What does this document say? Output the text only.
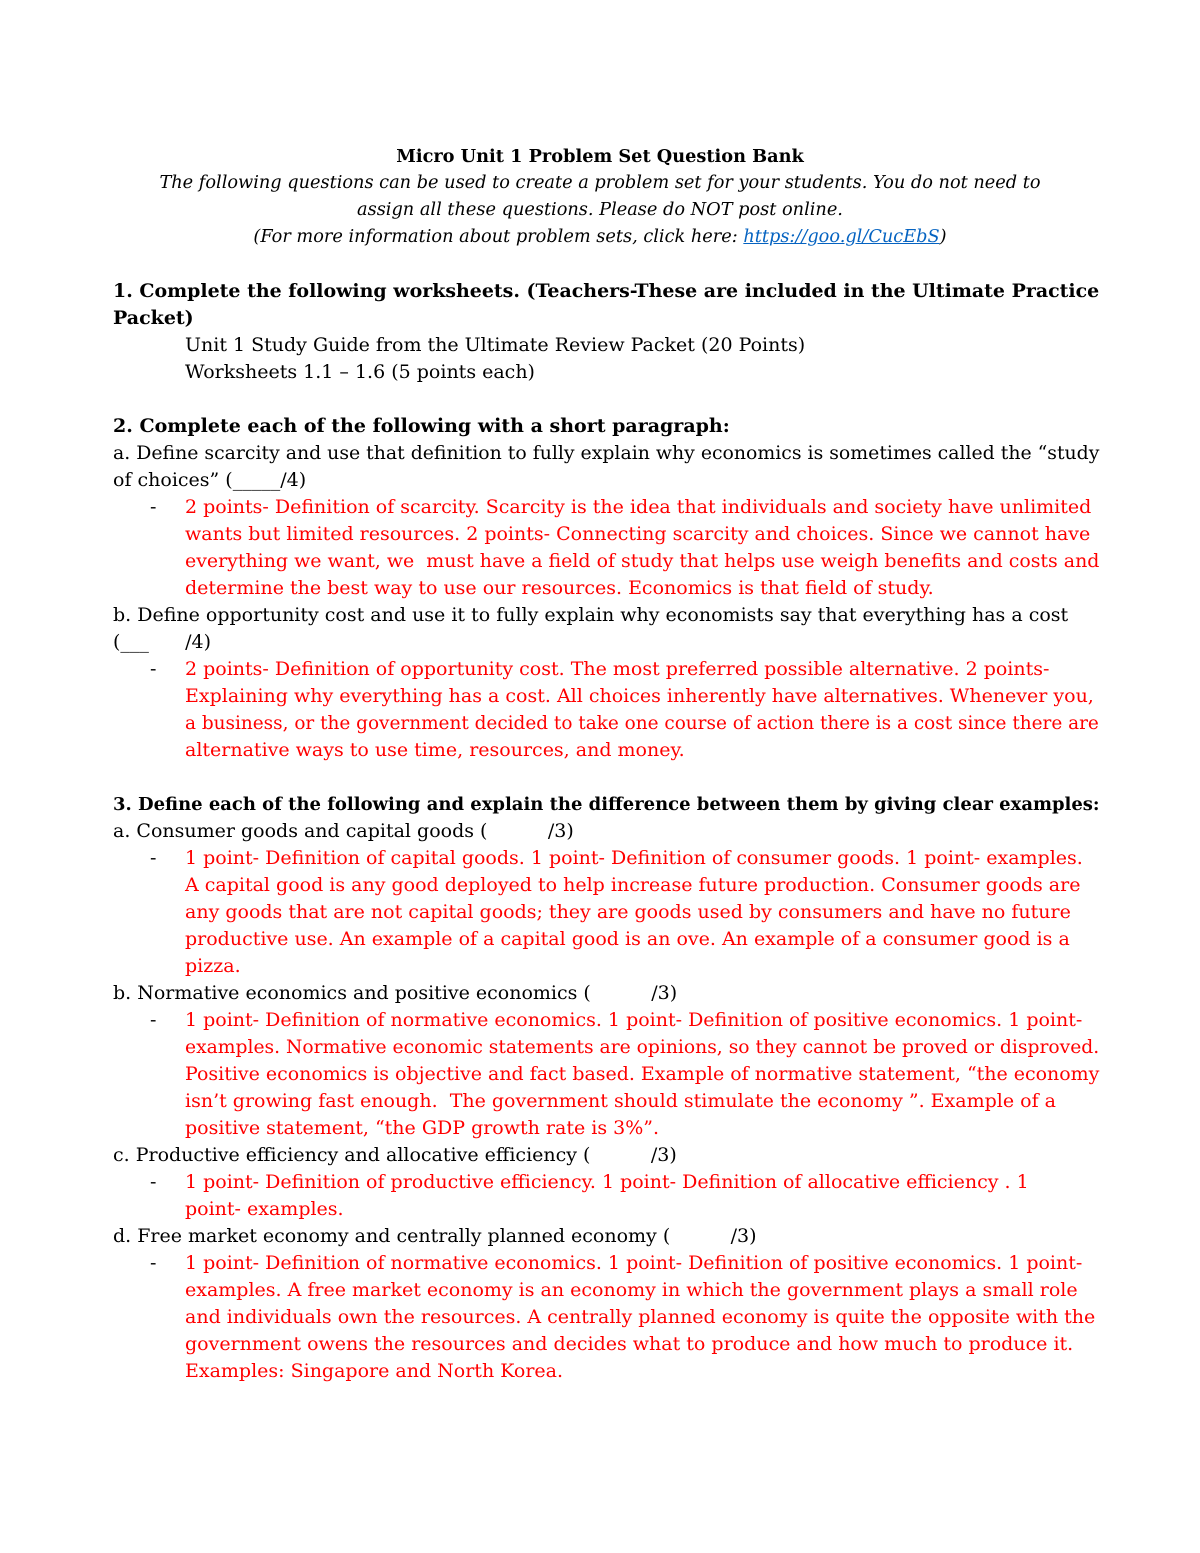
Micro Unit 1 Problem Set Question Bank
The following questions can be used to create a problem set for your students. You do not need to
assign all these questions. Please do NOT post online.
(For more information about problem sets, click here: https://goo.gl/CucEbS)
1. Complete the following worksheets. (Teachers-These are included in the Ultimate Practice
Packet)
Unit 1 Study Guide from the Ultimate Review Packet (20 Points)
Worksheets 1.1 – 1.6 (5 points each)
2. Complete each of the following with a short paragraph:
a. Define scarcity and use that definition to fully explain why economics is sometimes called the “study
of choices” (_____/4)
- 2 points- Definition of scarcity. Scarcity is the idea that individuals and society have unlimited
wants but limited resources. 2 points- Connecting scarcity and choices. Since we cannot have
everything we want, we  must have a field of study that helps use weigh benefits and costs and
determine the best way to use our resources. Economics is that field of study.
b. Define opportunity cost and use it to fully explain why economists say that everything has a cost
(___      /4)
- 2 points- Definition of opportunity cost. The most preferred possible alternative. 2 points-
Explaining why everything has a cost. All choices inherently have alternatives. Whenever you,
a business, or the government decided to take one course of action there is a cost since there are
alternative ways to use time, resources, and money.
3. Define each of the following and explain the difference between them by giving clear examples:
a. Consumer goods and capital goods (          /3)
- 1 point- Definition of capital goods. 1 point- Definition of consumer goods. 1 point- examples.
A capital good is any good deployed to help increase future production. Consumer goods are
any goods that are not capital goods; they are goods used by consumers and have no future
productive use. An example of a capital good is an ove. An example of a consumer good is a
pizza.
b. Normative economics and positive economics (          /3)
- 1 point- Definition of normative economics. 1 point- Definition of positive economics. 1 point-
examples. Normative economic statements are opinions, so they cannot be proved or disproved.
Positive economics is objective and fact based. Example of normative statement, “the economy
isn’t growing fast enough.  The government should stimulate the economy ”. Example of a
positive statement, “the GDP growth rate is 3%”.
c. Productive efficiency and allocative efficiency (          /3)
- 1 point- Definition of productive efficiency. 1 point- Definition of allocative efficiency . 1
point- examples.
d. Free market economy and centrally planned economy (          /3)
- 1 point- Definition of normative economics. 1 point- Definition of positive economics. 1 point-
examples. A free market economy is an economy in which the government plays a small role
and individuals own the resources. A centrally planned economy is quite the opposite with the
government owens the resources and decides what to produce and how much to produce it.
Examples: Singapore and North Korea.
